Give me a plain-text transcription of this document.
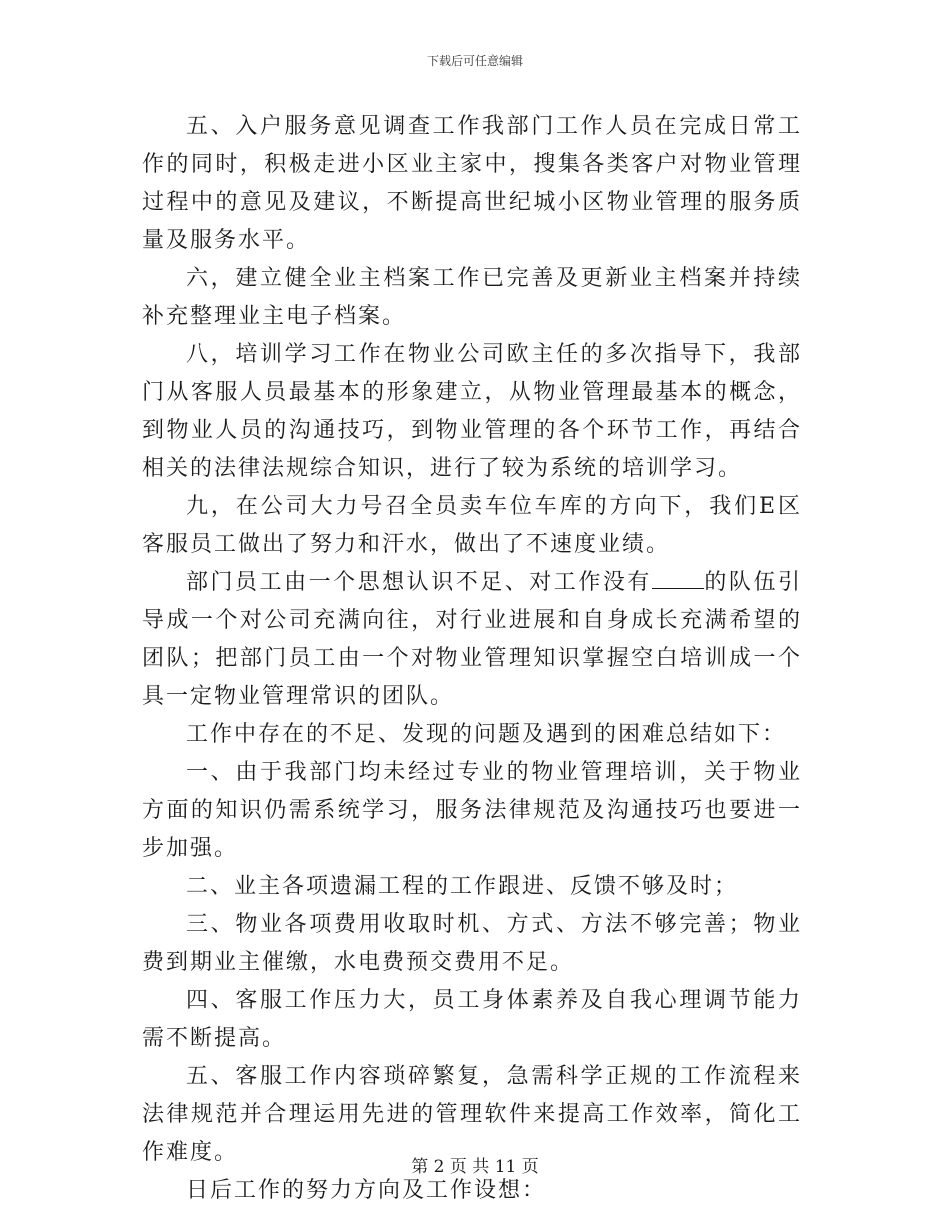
下载后可任意编辑

五、入户服务意见调查工作我部门工作人员在完成日常工作的同时，积极走进小区业主家中，搜集各类客户对物业管理过程中的意见及建议，不断提高世纪城小区物业管理的服务质量及服务水平。

六，建立健全业主档案工作已完善及更新业主档案并持续补充整理业主电子档案。

八，培训学习工作在物业公司欧主任的多次指导下，我部门从客服人员最基本的形象建立，从物业管理最基本的概念，到物业人员的沟通技巧，到物业管理的各个环节工作，再结合相关的法律法规综合知识，进行了较为系统的培训学习。

九，在公司大力号召全员卖车位车库的方向下，我们E区客服员工做出了努力和汗水，做出了不速度业绩。

部门员工由一个思想认识不足、对工作没有 的队伍引导成一个对公司充满向往，对行业进展和自身成长充满希望的团队；把部门员工由一个对物业管理知识掌握空白培训成一个具一定物业管理常识的团队。

工作中存在的不足、发现的问题及遇到的困难总结如下：

一、由于我部门均未经过专业的物业管理培训，关于物业方面的知识仍需系统学习，服务法律规范及沟通技巧也要进一步加强。

二、业主各项遗漏工程的工作跟进、反馈不够及时；

三、物业各项费用收取时机、方式、方法不够完善；物业费到期业主催缴，水电费预交费用不足。

四、客服工作压力大，员工身体素养及自我心理调节能力需不断提高。

五、客服工作内容琐碎繁复，急需科学正规的工作流程来法律规范并合理运用先进的管理软件来提高工作效率，简化工作难度。

日后工作的努力方向及工作设想：

第 2 页 共 11 页
